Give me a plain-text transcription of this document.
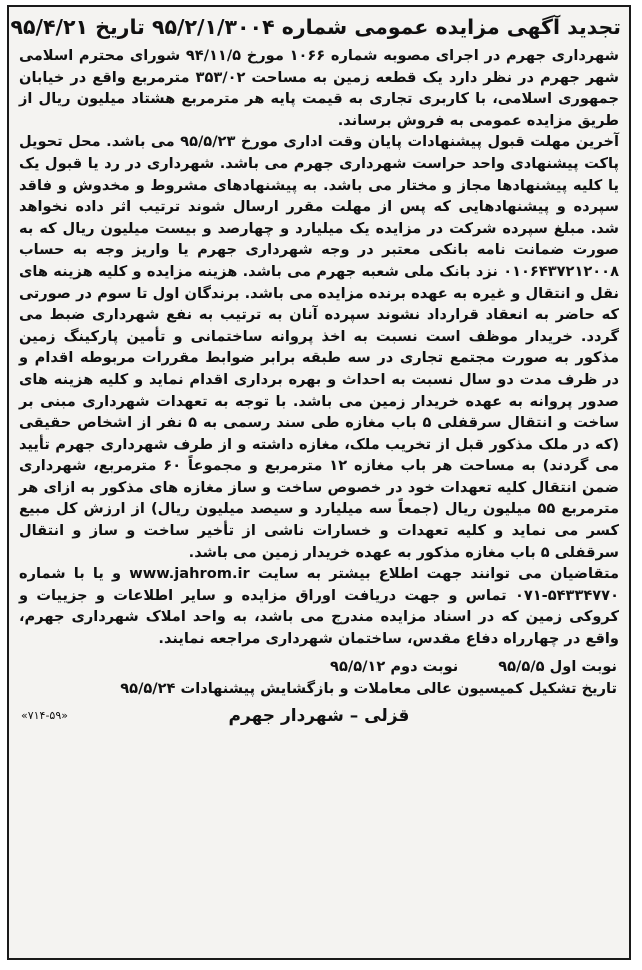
تجدید آگهی مزایده عمومی شماره ۹۵/۲/۱/۳۰۰۴ تاریخ ۹۵/۴/۲۱

شهرداری جهرم در اجرای مصوبه شماره ۱۰۶۶ مورخ ۹۴/۱۱/۵ شورای محترم اسلامی شهر جهرم در نظر دارد یک قطعه زمین به مساحت ۳۵۳/۰۲ مترمربع واقع در خیابان جمهوری اسلامی، با کاربری تجاری به قیمت پایه هر مترمربع هشتاد میلیون ریال از طریق مزایده عمومی به فروش برساند.

آخرین مهلت قبول پیشنهادات پایان وقت اداری مورخ ۹۵/۵/۲۳ می باشد. محل تحویل پاکت پیشنهادی واحد حراست شهرداری جهرم می باشد. شهرداری در رد یا قبول یک یا کلیه پیشنهادها مجاز و مختار می باشد. به پیشنهادهای مشروط و مخدوش و فاقد سپرده و پیشنهادهایی که پس از مهلت مقرر ارسال شوند ترتیب اثر داده نخواهد شد. مبلغ سپرده شرکت در مزایده یک میلیارد و چهارصد و بیست میلیون ریال که به صورت ضمانت نامه بانکی معتبر در وجه شهرداری جهرم یا واریز وجه به حساب ۰۱۰۶۴۳۷۲۱۲۰۰۸ نزد بانک ملی شعبه جهرم می باشد. هزینه مزایده و کلیه هزینه های نقل و انتقال و غیره به عهده برنده مزایده می باشد. برندگان اول تا سوم در صورتی که حاضر به انعقاد قرارداد نشوند سپرده آنان به ترتیب به نفع شهرداری ضبط می گردد. خریدار موظف است نسبت به اخذ پروانه ساختمانی و تأمین پارکینگ زمین مذکور به صورت مجتمع تجاری در سه طبقه برابر ضوابط مقررات مربوطه اقدام و در ظرف مدت دو سال نسبت به احداث و بهره برداری اقدام نماید و کلیه هزینه های صدور پروانه به عهده خریدار زمین می باشد. با توجه به تعهدات شهرداری مبنی بر ساخت و انتقال سرقفلی ۵ باب مغازه طی سند رسمی به ۵ نفر از اشخاص حقیقی (که در ملک مذکور قبل از تخریب ملک، مغازه داشته و از طرف شهرداری جهرم تأیید می گردند) به مساحت هر باب مغازه ۱۲ مترمربع و مجموعاً ۶۰ مترمربع، شهرداری ضمن انتقال کلیه تعهدات خود در خصوص ساخت و ساز مغازه های مذکور به ازای هر مترمربع ۵۵ میلیون ریال (جمعاً سه میلیارد و سیصد میلیون ریال) از ارزش کل مبیع کسر می نماید و کلیه تعهدات و خسارات ناشی از تأخیر ساخت و ساز و انتقال سرقفلی ۵ باب مغازه مذکور به عهده خریدار زمین می باشد.

متقاضیان می توانند جهت اطلاع بیشتر به سایت www.jahrom.ir و یا با شماره ۵۴۳۳۴۷۷۰-۰۷۱ تماس و جهت دریافت اوراق مزایده و سایر اطلاعات و جزییات و کروکی زمین که در اسناد مزایده مندرج می باشد، به واحد املاک شهرداری جهرم، واقع در چهارراه دفاع مقدس، ساختمان شهرداری مراجعه نمایند.

نوبت اول ۹۵/۵/۵
نوبت دوم ۹۵/۵/۱۲
تاریخ تشکیل کمیسیون عالی معاملات و بازگشایش پیشنهادات ۹۵/۵/۲۴
قزلی – شهردار جهرم
«۷۱۴-۵۹»
